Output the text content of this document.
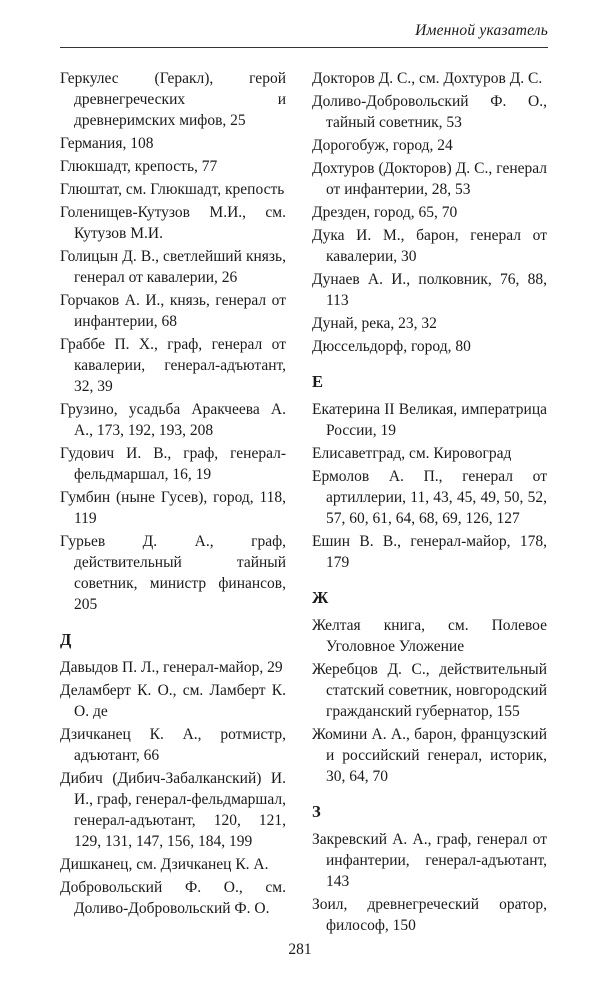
Именной указатель
Геркулес (Геракл), герой древнегреческих и древнеримских мифов, 25
Германия, 108
Глюкшадт, крепость, 77
Глюштат, см. Глюкшадт, крепость
Голенищев-Кутузов М.И., см. Кутузов М.И.
Голицын Д. В., светлейший князь, генерал от кавалерии, 26
Горчаков А. И., князь, генерал от инфантерии, 68
Граббе П. Х., граф, генерал от кавалерии, генерал-адъютант, 32, 39
Грузино, усадьба Аракчеева А. А., 173, 192, 193, 208
Гудович И. В., граф, генерал-фельдмаршал, 16, 19
Гумбин (ныне Гусев), город, 118, 119
Гурьев Д. А., граф, действительный тайный советник, министр финансов, 205
Д
Давыдов П. Л., генерал-майор, 29
Деламберт К. О., см. Ламберт К. О. де
Дзичканец К. А., ротмистр, адъютант, 66
Дибич (Дибич-Забалканский) И. И., граф, генерал-фельдмаршал, генерал-адъютант, 120, 121, 129, 131, 147, 156, 184, 199
Дишканец, см. Дзичканец К. А.
Добровольский Ф. О., см. Доливо-Добровольский Ф. О.
Докторов Д. С., см. Дохтуров Д. С.
Доливо-Добровольский Ф. О., тайный советник, 53
Дорогобуж, город, 24
Дохтуров (Докторов) Д. С., генерал от инфантерии, 28, 53
Дрезден, город, 65, 70
Дука И. М., барон, генерал от кавалерии, 30
Дунаев А. И., полковник, 76, 88, 113
Дунай, река, 23, 32
Дюссельдорф, город, 80
Е
Екатерина II Великая, императрица России, 19
Елисаветград, см. Кировоград
Ермолов А. П., генерал от артиллерии, 11, 43, 45, 49, 50, 52, 57, 60, 61, 64, 68, 69, 126, 127
Ешин В. В., генерал-майор, 178, 179
Ж
Желтая книга, см. Полевое Уголовное Уложение
Жеребцов Д. С., действительный статский советник, новгородский гражданский губернатор, 155
Жомини А. А., барон, французский и российский генерал, историк, 30, 64, 70
З
Закревский А. А., граф, генерал от инфантерии, генерал-адъютант, 143
Зоил, древнегреческий оратор, философ, 150
281
